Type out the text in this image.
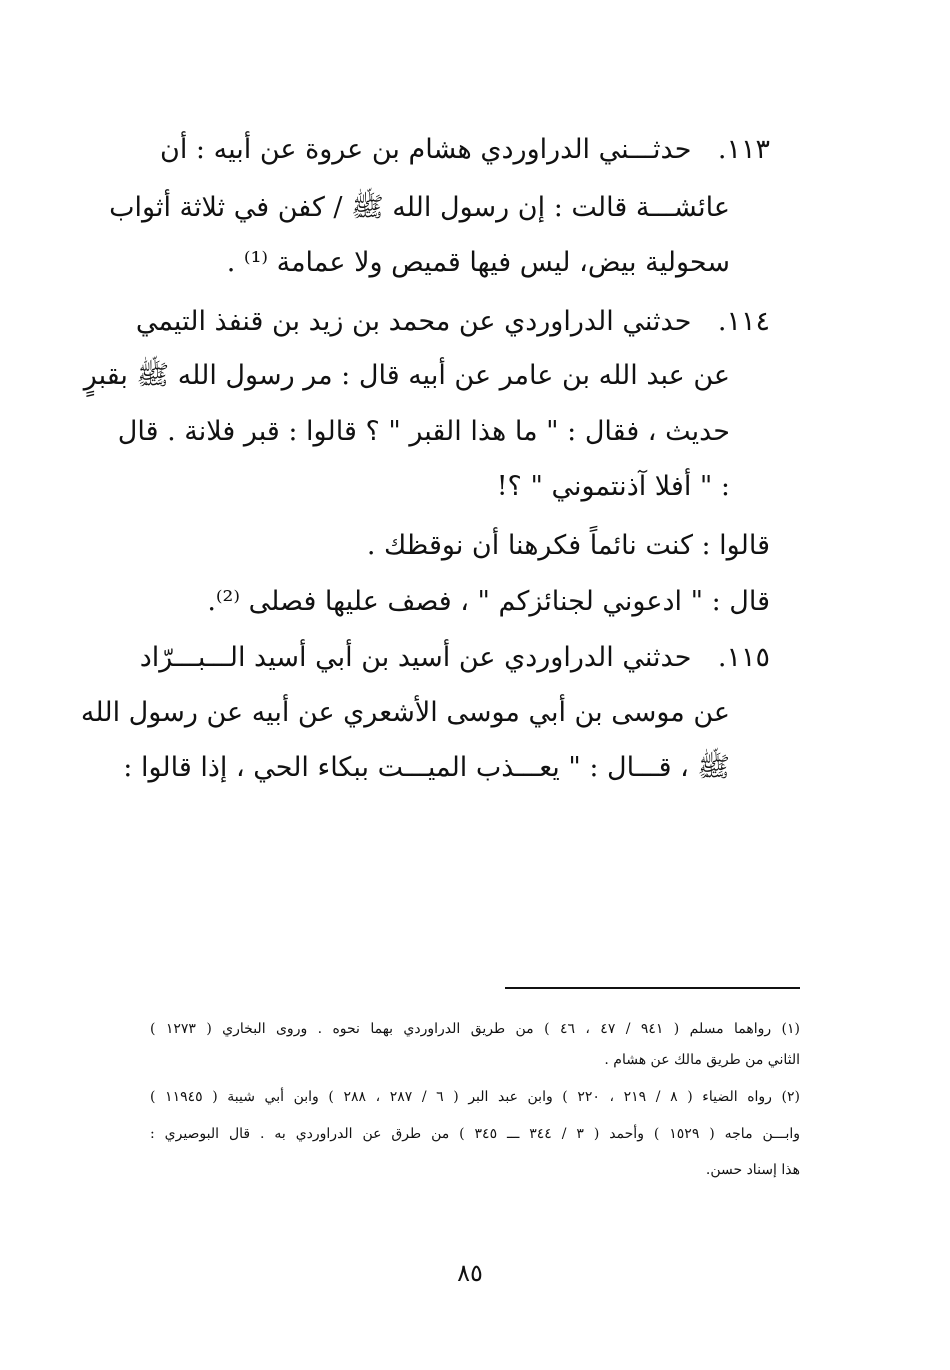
١١٣. حدثـــني الدراوردي هشام بن عروة عن أبيه : أن
عائشـــة قالت : إن رسول الله ﷺ / كفن في ثلاثة أثواب
سحولية بيض، ليس فيها قميص ولا عمامة ⁽¹⁾ .
١١٤. حدثني الدراوردي عن محمد بن زيد بن قنفذ التيمي
عن عبد الله بن عامر عن أبيه قال : مر رسول الله ﷺ بقبرٍ
حديث ، فقال : " ما هذا القبر " ؟ قالوا : قبر فلانة . قال
: " أفلا آذنتموني " ؟!
قالوا : كنت نائماً فكرهنا أن نوقظك .
قال : " ادعوني لجنائزكم " ، فصف عليها فصلى ⁽²⁾.
١١٥. حدثني الدراوردي عن أسيد بن أبي أسيد الـــبـــرّاد
عن موسى بن أبي موسى الأشعري عن أبيه عن رسول الله
ﷺ ، قـــال : " يعـــذب الميـــت ببكاء الحي ، إذا قالوا :
(١) رواهما مسلم ( ٩٤١ / ٤٧ ، ٤٦ ) من طريق الدراوردي بهما نحوه . وروى البخاري ( ١٢٧٣ )
الثاني من طريق مالك عن هشام .
(٢) رواه الضياء ( ٨ / ٢١٩ ، ٢٢٠ ) وابن عبد البر ( ٦ / ٢٨٧ ، ٢٨٨ ) وابن أبي شيبة ( ١١٩٤٥ )
وابـــن ماجه ( ١٥٢٩ ) وأحمد ( ٣ / ٣٤٤ ـــ ٣٤٥ ) من طرق عن الدراوردي به . قال البوصيري :
هذا إسناد حسن.
٨٥
